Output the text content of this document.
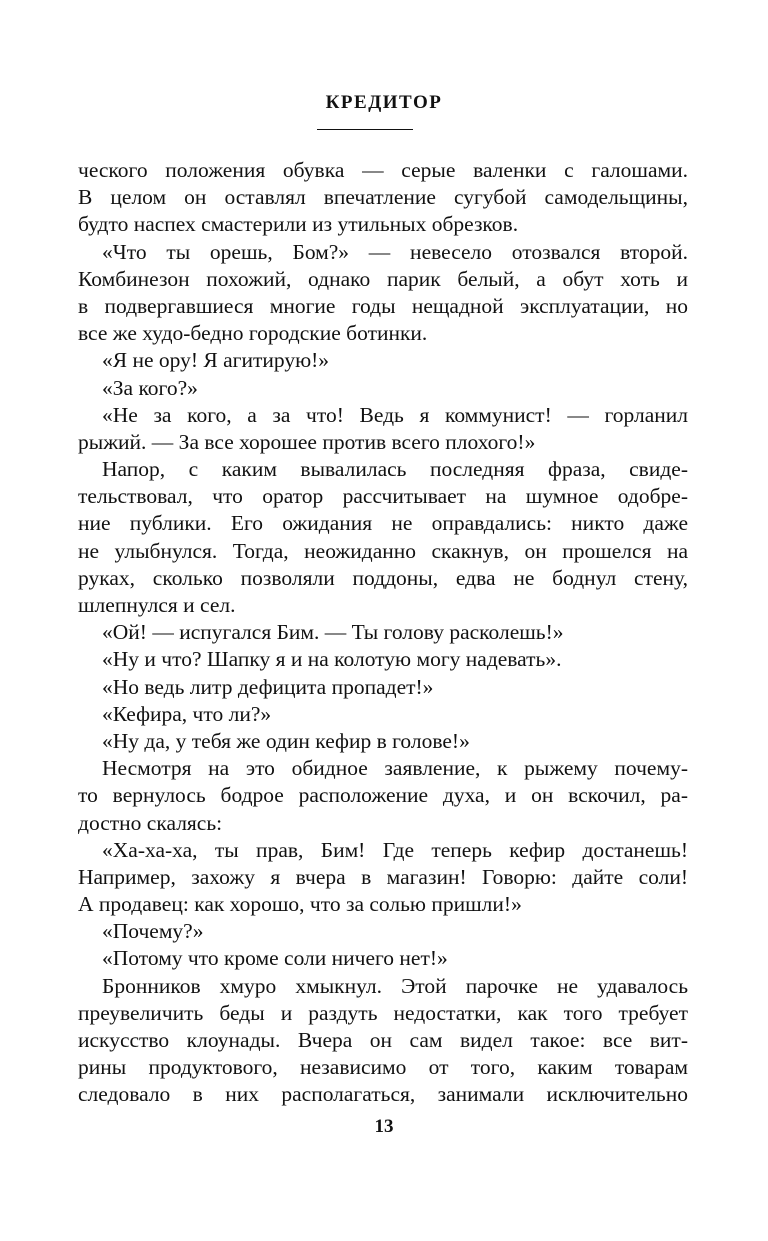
КРЕДИТОР
ческого положения обувка — серые валенки с галошами.
В целом он оставлял впечатление сугубой самодельщины,
будто наспех смастерили из утильных обрезков.
«Что ты орешь, Бом?» — невесело отозвался второй.
Комбинезон похожий, однако парик белый, а обут хоть и
в подвергавшиеся многие годы нещадной эксплуатации, но
все же худо-бедно городские ботинки.
«Я не ору! Я агитирую!»
«За кого?»
«Не за кого, а за что! Ведь я коммунист! — горланил
рыжий. — За все хорошее против всего плохого!»
Напор, с каким вывалилась последняя фраза, свиде-
тельствовал, что оратор рассчитывает на шумное одобре-
ние публики. Его ожидания не оправдались: никто даже
не улыбнулся. Тогда, неожиданно скакнув, он прошелся на
руках, сколько позволяли поддоны, едва не боднул стену,
шлепнулся и сел.
«Ой! — испугался Бим. — Ты голову расколешь!»
«Ну и что? Шапку я и на колотую могу надевать».
«Но ведь литр дефицита пропадет!»
«Кефира, что ли?»
«Ну да, у тебя же один кефир в голове!»
Несмотря на это обидное заявление, к рыжему почему-
то вернулось бодрое расположение духа, и он вскочил, ра-
достно скалясь:
«Ха-ха-ха, ты прав, Бим! Где теперь кефир достанешь!
Например, захожу я вчера в магазин! Говорю: дайте соли!
А продавец: как хорошо, что за солью пришли!»
«Почему?»
«Потому что кроме соли ничего нет!»
Бронников хмуро хмыкнул. Этой парочке не удавалось
преувеличить беды и раздуть недостатки, как того требует
искусство клоунады. Вчера он сам видел такое: все вит-
рины продуктового, независимо от того, каким товарам
следовало в них располагаться, занимали исключительно
13
